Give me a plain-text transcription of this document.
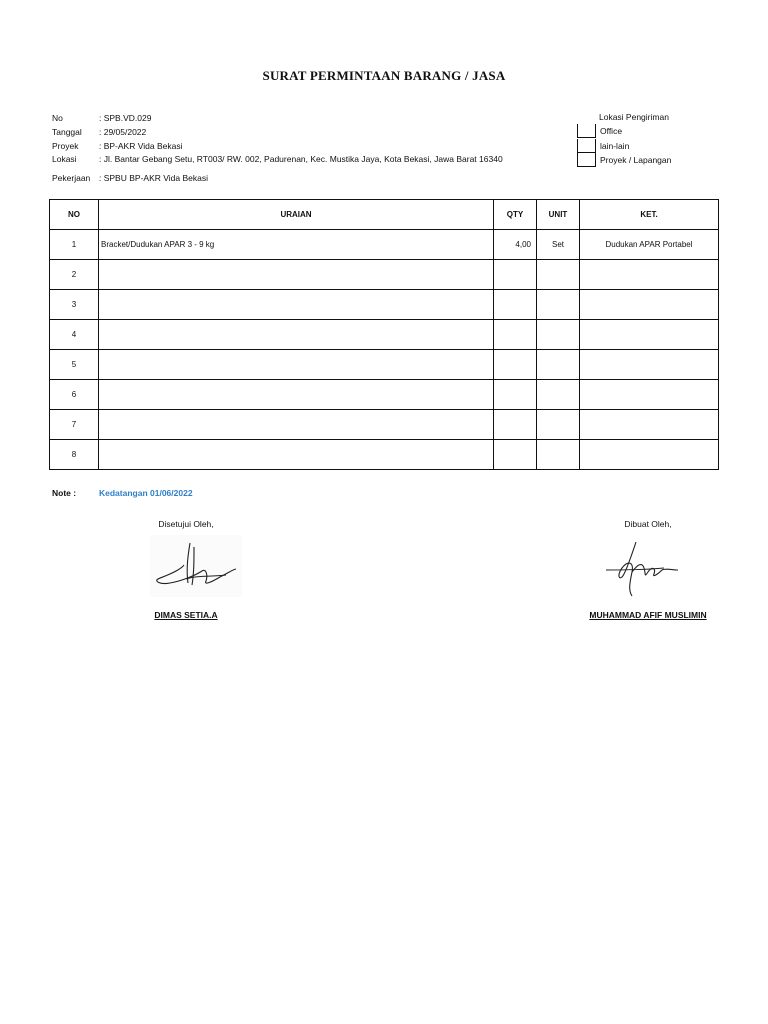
SURAT PERMINTAAN BARANG / JASA
No	: SPB.VD.029
Tanggal : 29/05/2022
Proyek : BP-AKR Vida Bekasi
Lokasi	: Jl. Bantar Gebang Setu, RT003/ RW. 002, Padurenan, Kec. Mustika Jaya, Kota Bekasi, Jawa Barat 16340
Pekerjaan : SPBU BP-AKR Vida Bekasi
Lokasi Pengiriman
Office
lain-lain
Proyek / Lapangan
NO	URAIAN	QTY	UNIT	KET.
1	Bracket/Dudukan APAR 3 - 9 kg	4,00	Set	Dudukan APAR Portabel
2				
3				
4				
5				
6				
7				
8				
Note :	Kedatangan 01/06/2022
Disetujui Oleh,
DIMAS SETIA.A
Dibuat Oleh,
MUHAMMAD AFIF MUSLIMIN
